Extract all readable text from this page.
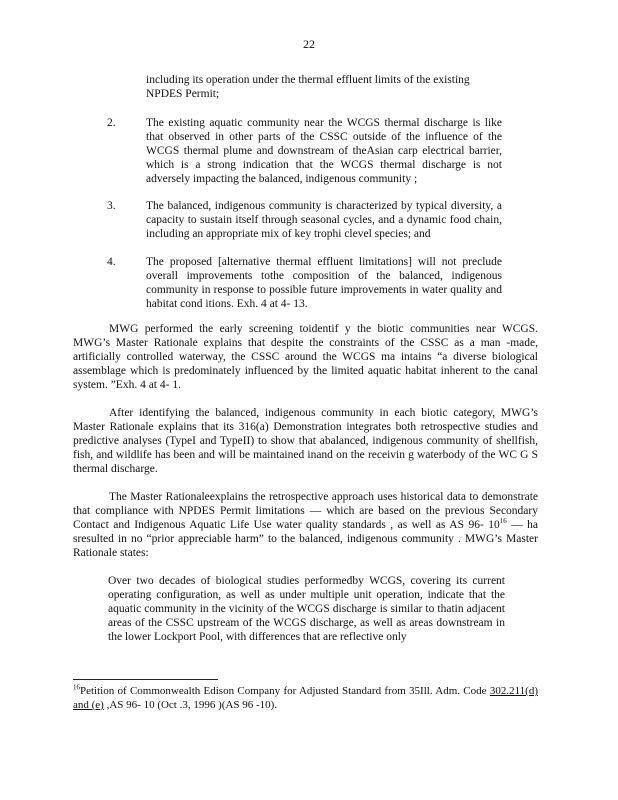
22
including its operation under the thermal effluent limits of the existing NPDES Permit;
2.	The existing aquatic community near the WCGS thermal discharge is like that observed in other parts of the CSSC outside of the influence of the WCGS thermal plume and downstream of theAsian carp electrical barrier, which is a strong indication that the WCGS thermal discharge is not adversely impacting the balanced, indigenous community ;
3.	The balanced, indigenous community is characterized by typical diversity, a capacity to sustain itself through seasonal cycles, and a dynamic food chain, including an appropriate mix of key trophi clevel species; and
4.	The proposed [alternative thermal effluent limitations] will not preclude overall improvements tothe composition of the balanced, indigenous community in response to possible future improvements in water quality and habitat cond itions. Exh. 4 at 4- 13.
MWG performed the early screening toidentif y the biotic communities near WCGS. MWG’s Master Rationale explains that despite the constraints of the CSSC as a man -made, artificially controlled waterway, the CSSC around the WCGS ma intains “a diverse biological assemblage which is predominately influenced by the limited aquatic habitat inherent to the canal system. ”Exh. 4 at 4- 1.
After identifying the balanced, indigenous community in each biotic category, MWG’s Master Rationale explains that its 316(a) Demonstration integrates both retrospective studies and predictive analyses (TypeI and TypeII) to show that abalanced, indigenous community of shellfish, fish, and wildlife has been and will be maintained inand on the receivin g waterbody of the WC G S thermal discharge.
The Master Rationaleexplains the retrospective approach uses historical data to demonstrate that compliance with NPDES Permit limitations — which are based on the previous Secondary Contact and Indigenous Aquatic Life Use water quality standards , as well as AS 96- $10^{16}$ — ha sresulted in no “prior appreciable harm” to the balanced, indigenous community . MWG’s Master Rationale states:
Over two decades of biological studies performedby WCGS, covering its current operating configuration, as well as under multiple unit operation, indicate that the aquatic community in the vicinity of the WCGS discharge is similar to thatin adjacent areas of the CSSC upstream of the WCGS discharge, as well as areas downstream in the lower Lockport Pool, with differences that are reflective only
$^{16}$Petition of Commonwealth Edison Company for Adjusted Standard from 35Ill. Adm. Code 302.211(d) and (e) ,AS 96- 10 (Oct .3, 1996 )(AS 96 -10).
